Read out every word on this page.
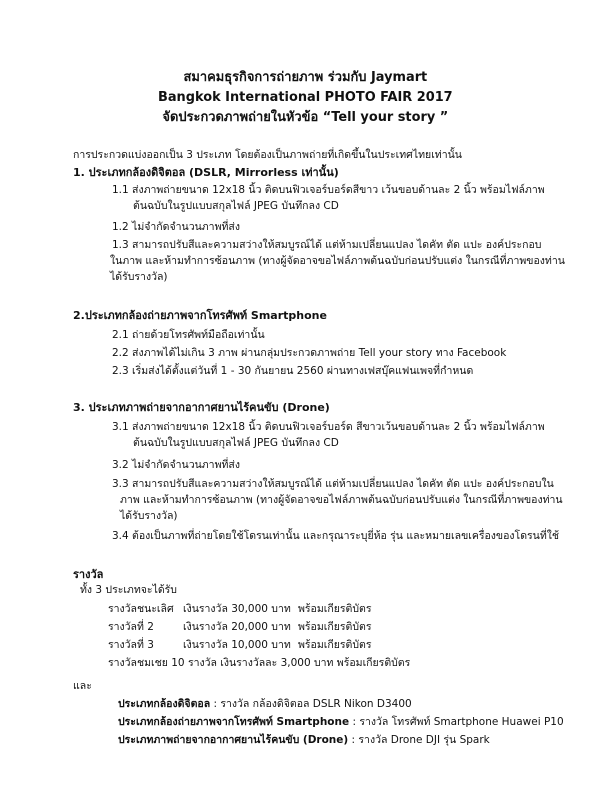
สมาคมธุรกิจการถ่ายภาพ ร่วมกับ Jaymart
Bangkok International PHOTO FAIR 2017
จัดประกวดภาพถ่ายในหัวข้อ “Tell your story ”
การประกวดแบ่งออกเป็น 3 ประเภท โดยต้องเป็นภาพถ่ายที่เกิดขึ้นในประเทศไทยเท่านั้น
1. ประเภทกล้องดิจิตอล (DSLR, Mirrorless เท่านั้น)
1.1 ส่งภาพถ่ายขนาด 12x18 นิ้ว ติดบนฟิวเจอร์บอร์ดสีขาว เว้นขอบด้านละ 2 นิ้ว พร้อมไฟล์ภาพ
ต้นฉบับในรูปแบบสกุลไฟล์ JPEG บันทึกลง CD
1.2 ไม่จำกัดจำนวนภาพที่ส่ง
1.3 สามารถปรับสีและความสว่างให้สมบูรณ์ได้ แต่ห้ามเปลี่ยนแปลง ไดคัท ตัด แปะ องค์ประกอบ
ในภาพ และห้ามทำการซ้อนภาพ (ทางผู้จัดอาจขอไฟล์ภาพต้นฉบับก่อนปรับแต่ง ในกรณีที่ภาพของท่าน
ได้รับรางวัล)
2.ประเภทกล้องถ่ายภาพจากโทรศัพท์ Smartphone
2.1 ถ่ายด้วยโทรศัพท์มือถือเท่านั้น
2.2 ส่งภาพได้ไม่เกิน 3 ภาพ ผ่านกลุ่มประกวดภาพถ่าย Tell your story ทาง Facebook
2.3 เริ่มส่งได้ตั้งแต่วันที่ 1 - 30 กันยายน 2560 ผ่านทางเฟสบุ๊คแฟนเพจที่กำหนด
3. ประเภทภาพถ่ายจากอากาศยานไร้คนขับ (Drone)
3.1 ส่งภาพถ่ายขนาด 12x18 นิ้ว ติดบนฟิวเจอร์บอร์ด สีขาวเว้นขอบด้านละ 2 นิ้ว พร้อมไฟล์ภาพ
ต้นฉบับในรูปแบบสกุลไฟล์ JPEG บันทึกลง CD
3.2 ไม่จำกัดจำนวนภาพที่ส่ง
3.3 สามารถปรับสีและความสว่างให้สมบูรณ์ได้ แต่ห้ามเปลี่ยนแปลง ไดคัท ตัด แปะ องค์ประกอบใน
ภาพ และห้ามทำการซ้อนภาพ (ทางผู้จัดอาจขอไฟล์ภาพต้นฉบับก่อนปรับแต่ง ในกรณีที่ภาพของท่าน
ได้รับรางวัล)
3.4 ต้องเป็นภาพที่ถ่ายโดยใช้โดรนเท่านั้น และกรุณาระบุยี่ห้อ รุ่น และหมายเลขเครื่องของโดรนที่ใช้
รางวัล
ทั้ง 3 ประเภทจะได้รับ
รางวัลชนะเลิศ เงินรางวัล 30,000 บาท พร้อมเกียรติบัตร
รางวัลที่ 2	เงินรางวัล 20,000 บาท พร้อมเกียรติบัตร
รางวัลที่ 3	เงินรางวัล 10,000 บาท พร้อมเกียรติบัตร
รางวัลชมเชย 10 รางวัล เงินรางวัลละ 3,000 บาท พร้อมเกียรติบัตร
และ
ประเภทกล้องดิจิตอล : รางวัล กล้องดิจิตอล DSLR Nikon D3400
ประเภทกล้องถ่ายภาพจากโทรศัพท์ Smartphone : รางวัล โทรศัพท์ Smartphone Huawei P10
ประเภทภาพถ่ายจากอากาศยานไร้คนขับ (Drone) : รางวัล Drone DJI รุ่น Spark
